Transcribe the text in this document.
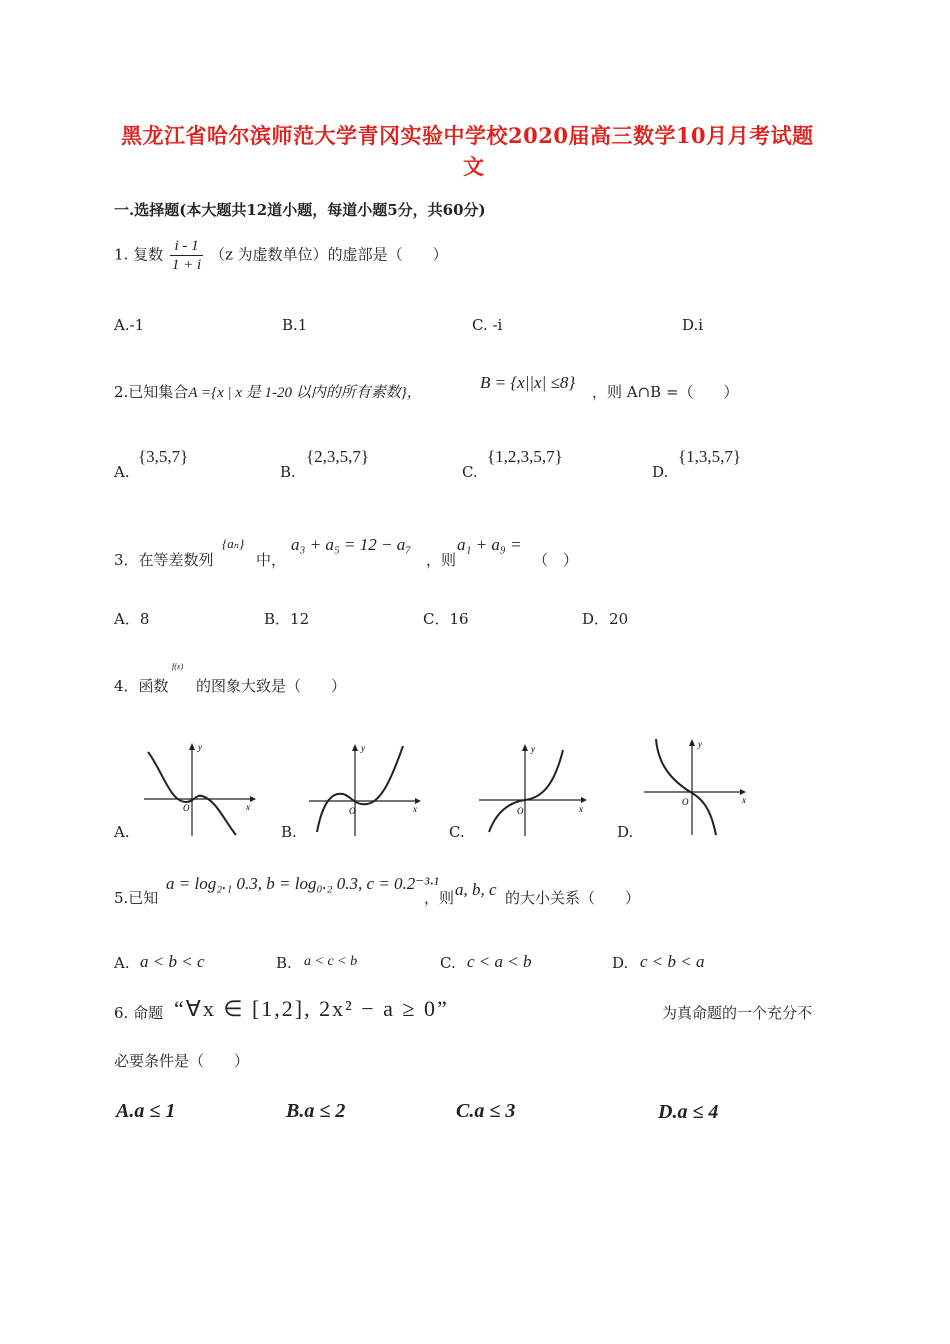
黑龙江省哈尔滨师范大学青冈实验中学校2020届高三数学10月月考试题
文
一.选择题(本大题共12道小题，每道小题5分，共60分)
1. 复数 $\frac{i - 1}{1 + i} (z$ 为虚数单位）的虚部是（　　）
A.-1	B.1	C. -i	D.i
2.已知集合A ={x | x 是 1-20 以内的所有素数}，
B = {x||x| ≤8} ，则 A∩B =（　　）
A.
{3,5,7}
B.
{2,3,5,7}
C.
{1,2,3,5,7}
D.
{1,3,5,7}
3．在等差数列
{aₙ}
中，
a₃ + a₅ = 12 − a₇
，则
a₁ + a₉ =
（　）
A．8	B．12	C．16	D．20
4．函数
f(x)
的图象大致是（　　）
y
x
O
A.
y
x
O
B.
y
x
O
C.
y
x
O
D.
5.已知
a = log₂.₁ 0.3, b = log₀.₂ 0.3, c = 0.2⁻³·¹
，则 a, b, c 的大小关系（　　）
A. a < b < c	B. a < c < b	C. c < a < b	D. c < b < a
6. 命题 “∀x ∈ [1,2], 2x² − a ≥ 0”	为真命题的一个充分不
必要条件是（　　）
A.a ≤ 1	B.a ≤ 2	C.a ≤ 3	D.a ≤ 4
